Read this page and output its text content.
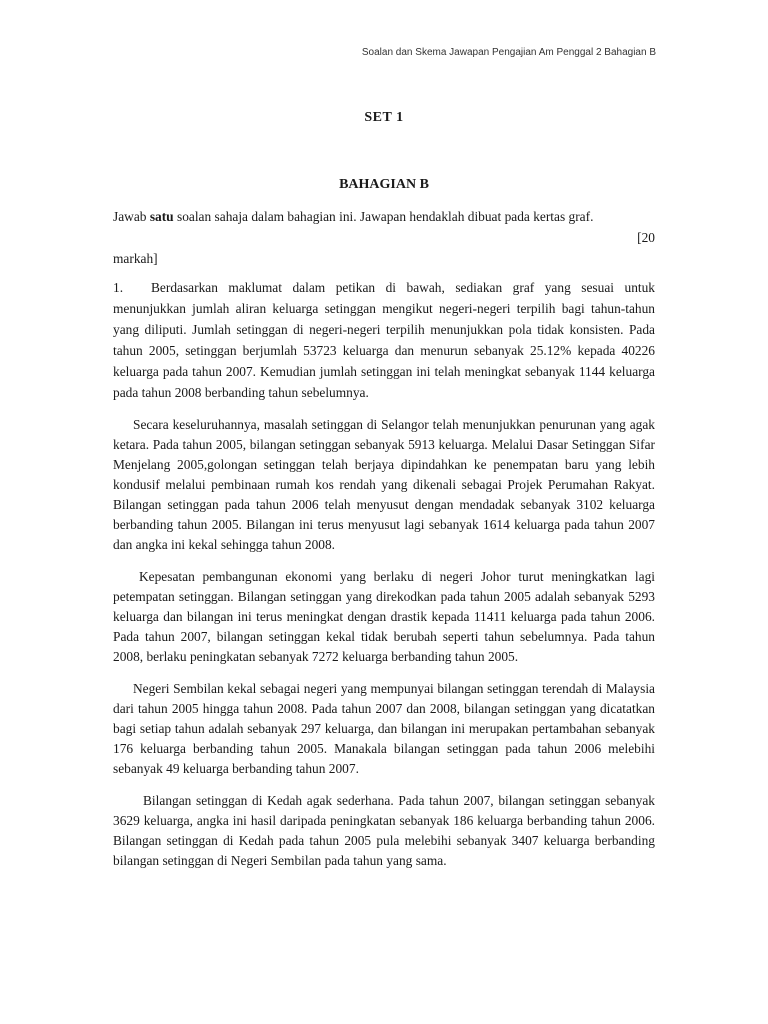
Soalan dan Skema Jawapan Pengajian Am Penggal 2 Bahagian B
SET 1
BAHAGIAN B

Jawab satu soalan sahaja dalam bahagian ini. Jawapan hendaklah dibuat pada kertas graf.

[20

markah]

1. Berdasarkan maklumat dalam petikan di bawah, sediakan graf yang sesuai untuk menunjukkan jumlah aliran keluarga setinggan mengikut negeri-negeri terpilih bagi tahun-tahun yang diliputi. Jumlah setinggan di negeri-negeri terpilih menunjukkan pola tidak konsisten. Pada tahun 2005, setinggan berjumlah 53723 keluarga dan menurun sebanyak 25.12% kepada 40226 keluarga pada tahun 2007. Kemudian jumlah setinggan ini telah meningkat sebanyak 1144 keluarga pada tahun 2008 berbanding tahun sebelumnya.

Secara keseluruhannya, masalah setinggan di Selangor telah menunjukkan penurunan yang agak ketara. Pada tahun 2005, bilangan setinggan sebanyak 5913 keluarga. Melalui Dasar Setinggan Sifar Menjelang 2005,golongan setinggan telah berjaya dipindahkan ke penempatan baru yang lebih kondusif melalui pembinaan rumah kos rendah yang dikenali sebagai Projek Perumahan Rakyat. Bilangan setinggan pada tahun 2006 telah menyusut dengan mendadak sebanyak 3102 keluarga berbanding tahun 2005. Bilangan ini terus menyusut lagi sebanyak 1614 keluarga pada tahun 2007 dan angka ini kekal sehingga tahun 2008.

Kepesatan pembangunan ekonomi yang berlaku di negeri Johor turut meningkatkan lagi petempatan setinggan. Bilangan setinggan yang direkodkan pada tahun 2005 adalah sebanyak 5293 keluarga dan bilangan ini terus meningkat dengan drastik kepada 11411 keluarga pada tahun 2006. Pada tahun 2007, bilangan setinggan kekal tidak berubah seperti tahun sebelumnya. Pada tahun 2008, berlaku peningkatan sebanyak 7272 keluarga berbanding tahun 2005.

Negeri Sembilan kekal sebagai negeri yang mempunyai bilangan setinggan terendah di Malaysia dari tahun 2005 hingga tahun 2008. Pada tahun 2007 dan 2008, bilangan setinggan yang dicatatkan bagi setiap tahun adalah sebanyak 297 keluarga, dan bilangan ini merupakan pertambahan sebanyak 176 keluarga berbanding tahun 2005. Manakala bilangan setinggan pada tahun 2006 melebihi sebanyak 49 keluarga berbanding tahun 2007.

Bilangan setinggan di Kedah agak sederhana. Pada tahun 2007, bilangan setinggan sebanyak 3629 keluarga, angka ini hasil daripada peningkatan sebanyak 186 keluarga berbanding tahun 2006. Bilangan setinggan di Kedah pada tahun 2005 pula melebihi sebanyak 3407 keluarga berbanding bilangan setinggan di Negeri Sembilan pada tahun yang sama.
